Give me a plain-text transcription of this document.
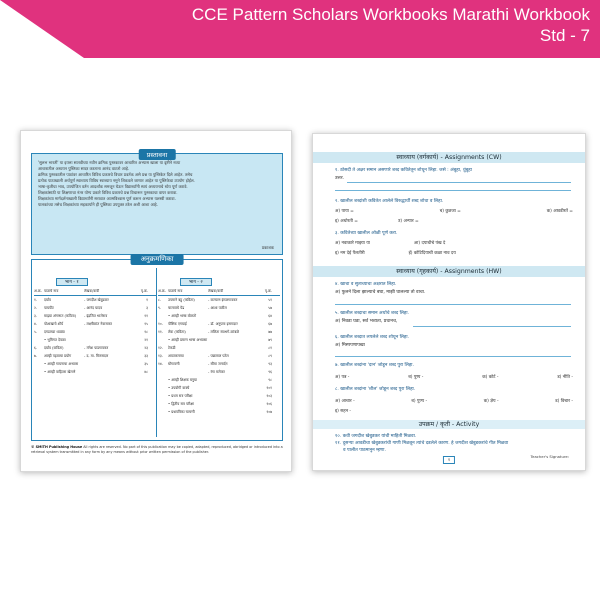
CCE Pattern Scholars Workbooks Marathi Workbook
Std - 7
प्रस्तावना
'सुलभ भारती' या इयत्ता सातवीच्या नवीन क्रमिक पुस्तकावर आधारित अभ्यास खाला या दृष्टीने नव्या
आधारातील अध्ययन पुस्तिका सादर करताना आनंद वाटतो आहे.
क्रमिक पुस्तकातील पाठांवर आधारित विविध प्रकारचे विचार प्रवर्तक असे प्रश्न या पुस्तिकेत दिले आहेत. तसेच
प्रत्येक पाठाखाली अर्थपूर्ण स्वाध्याय विविध स्वाध्याय नमुने शिकवले जाणार आहेत या पुस्तिकेचा उपयोग होईल.
भाषा-कृतीचा भाव, उपयोजित वर्तन आदर्शांक समजून घेऊन विद्यार्थ्यांनी स्वयं अध्ययनाचे ध्येय पूर्ण करावे.
शिक्षकांसाठी या शिक्षणाचा नंतर योग्य प्रकारे विविध प्रकारचे प्रश्न विचारून पुस्तकाचा वापर करावा.
शिक्षकांच्या मार्गदर्शनाखाली विद्यार्थ्यांनी सरावात आत्मविश्वास पूर्ण करून अभ्यास यशस्वी करावा.
पालकांच्या तसेच शिक्षकांच्या सहकार्याने ही पुस्तिका उपयुक्त ठरेल अशी आशा आहे.
प्रकाशक
अनुक्रमणिका
भाग - १
अ.क्र. पाठाचे नाव	लेखक/कवी	पृ.क्र.
१.	दर्याव	- जगदीश खेबुडकर	१
२.	पायपीट	- आनंद यादव	३
३.	माझ्या अंगणात (कविता)	- इंद्रजित भालेराव	११
४.	पोशाखाचे शौर्य	- लक्ष्मीकांत नेवासकर	१५
५.	दगडाच्या थाळ्या	१८
• भूमिगत देवळा	२१
६.	दर्याव (कविता)	- मंगेश पाडगावकर	२३
७.	आम्ही पहायचा प्रयोग	- द. मा. मिरासदार	३३
• आम्ही गायनाचा अभ्यास	३५
• आम्ही वाहितरा खेलणे	४८
भाग - २
अ.क्र. पाठाचे नाव	लेखक/कवी	पृ.क्र.
८.	उपमाने बहु (कविता)	- कल्याण इंगळगावकर	५१
९.	चालायचे पेंढ	- आशा पाटील	५७
• आम्ही भाषा बोलतो	६४
१०.	पौष्टिक एगयाई	- डॉ. अनुपमा इनामदार	६७
११.	लेक (कविता)	- ललिता स्वाभगे-कांबळे	७७
• आम्ही प्रमाण भाषा अभ्यासा	७९
१२.	टेकडी	८१
१३.	अवतारलाचा	- पन्नालाल पटेल	८९
१४.	घोंगावणी	- सीमा जनार्दन	९३
- रंगा मलेकर	९६
• आम्ही शिक्षक बनुया	९८
• उपयोगी वाक्ये	१०१
• प्रथम सत्र परीक्षा	१०३
• द्वितीय सत्र परीक्षा	१०६
• प्रश्नपत्रिका चाचणी	१०७
© SMITH Publishing House All rights are reserved. No part of this publication may be copied, adapted, reproduced, abridged or introduced into a retrieval system transmitted in any form by any means without prior written permission of the publisher.
स्वाध्याय (वर्गकार्य) - Assignments (CW)
१. ठोसदी ते अक्षर समान असणारे शब्द कवितेतून शोधून लिहा. जसे : अंबुहा, धुंबुहा
उत्तर.
२. खालील शब्दांशी कवितेत आलेले विरुद्धार्थी शब्द शोधा व लिहा.
अ) पाया =	ब) कुठजा =	क) आवडीरतें =
इ) अधोरती =	उ) अन्यार =
३. कवितेच्या खालील ओळी पूर्ण करा.
अ) नवाकारे माझ्या या	आ) दयाधीचे पंख दे
इ) नम देई पैलतीरी	ई) कोटिदियाची कळा नाव दय
स्वाध्याय (गृहकार्य) - Assignments (HW)
४. खाचा व सुताच्याचा अक्षरात लिहा.
अ) फुलने दिला झाल्याचे बघा, माझी घालल्या तो वाचा.
५. खालील शब्दाचा समान अर्थाचे शब्द लिहा.
अ) निवडा घडा, सर्व भव्यता, प्रधानच,
६. खालील शब्दात लपलेले शब्द शोधून लिहा.
अ) मिस्पपणापखा
७. खालील शब्दांना 'दान' जोडून शब्द पुरा लिहा.
अ) पत्र -	ब) पुष्प -	क) कोर्ट -	ड) नीति -
८. खालील शब्दांना 'शील' जोडून शब्द पुरा लिहा.
अ) आचार -	ब) पुण्य -	क) ज्ञेय -	ड) विचार -
इ) सहन -
उपक्रम / कृती - Activity
१०. कवी जगदीश खेबुडकर यांची माहिती मिळवा.
११. दुसऱ्या आवडीचा खेबुडकरांची गाणी मिळवून त्यांचे दडलेले कारण. हे जगदीश खेबुडकरांचे गीत मिळवा
व पालीत पाठमानुन म्हणा.
Teacher's Signature:
१
